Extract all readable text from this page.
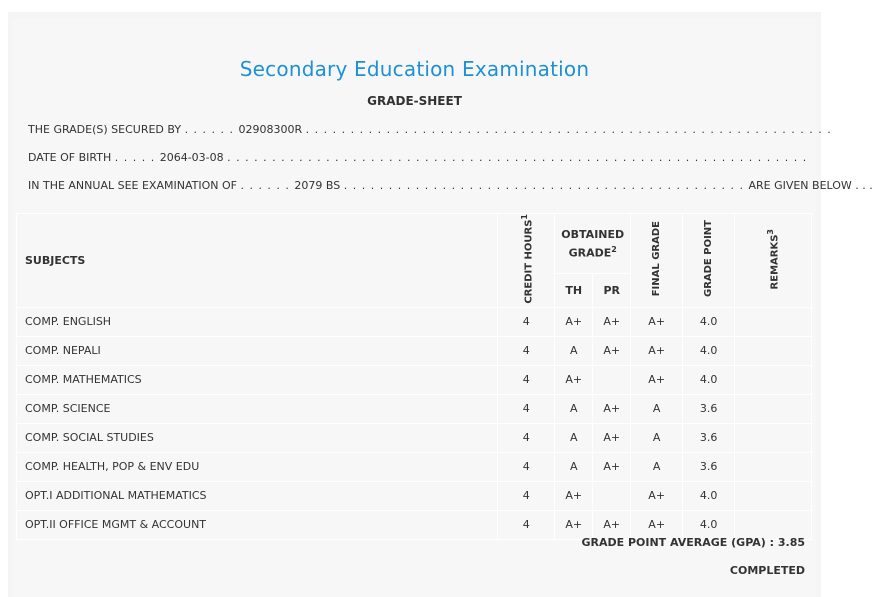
Secondary Education Examination
GRADE-SHEET
THE GRADE(S) SECURED BY . . . . . . 02908300R . . . . . . . . . . . . . . . . . . . . . . . . . . . . . . . . . . . . . . . . . . . . . . . . . . . . . . . . . . .
DATE OF BIRTH . . . . . 2064-03-08 . . . . . . . . . . . . . . . . . . . . . . . . . . . . . . . . . . . . . . . . . . . . . . . . . . . . . . . . . . . . . . . . .
IN THE ANNUAL SEE EXAMINATION OF . . . . . . 2079 BS . . . . . . . . . . . . . . . . . . . . . . . . . . . . . . . . . . . . . . . . . . . . . ARE GIVEN BELOW . . .
SUBJECTS	CREDIT HOURS$^1$	OBTAINED GRADE$^2$		FINAL GRADE	GRADE POINT	REMARKS$^3$
		TH	PR			
COMP. ENGLISH	4	A+	A+	A+	4.0	
COMP. NEPALI	4	A	A+	A+	4.0	
COMP. MATHEMATICS	4	A+		A+	4.0	
COMP. SCIENCE	4	A	A+	A	3.6	
COMP. SOCIAL STUDIES	4	A	A+	A	3.6	
COMP. HEALTH, POP & ENV EDU	4	A	A+	A	3.6	
OPT.I ADDITIONAL MATHEMATICS	4	A+		A+	4.0	
OPT.II OFFICE MGMT & ACCOUNT	4	A+	A+	A+	4.0	
GRADE POINT AVERAGE (GPA) : 3.85
COMPLETED
